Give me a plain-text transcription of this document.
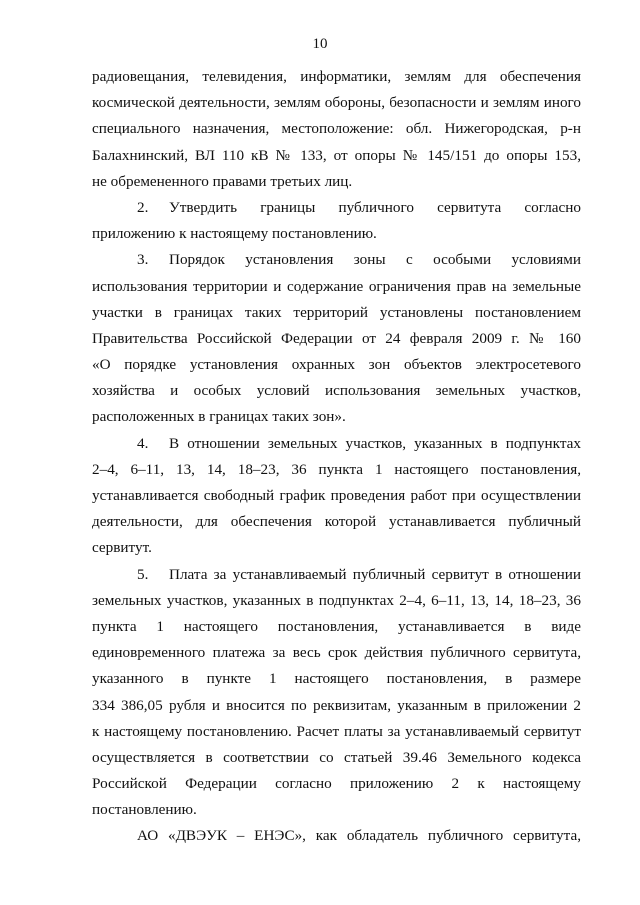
10
радиовещания, телевидения, информатики, землям для обеспечения
космической деятельности, землям обороны, безопасности и землям иного
специального назначения, местоположение: обл. Нижегородская, р-н
Балахнинский, ВЛ 110 кВ № 133, от опоры № 145/151 до опоры 153,
не обремененного правами третьих лиц.
2. Утвердить границы публичного сервитута согласно
приложению к настоящему постановлению.
3. Порядок установления зоны с особыми условиями
использования территории и содержание ограничения прав на земельные
участки в границах таких территорий установлены постановлением
Правительства Российской Федерации от 24 февраля 2009 г. № 160
«О порядке установления охранных зон объектов электросетевого
хозяйства и особых условий использования земельных участков,
расположенных в границах таких зон».
4. В отношении земельных участков, указанных в подпунктах
2–4, 6–11, 13, 14, 18–23, 36 пункта 1 настоящего постановления,
устанавливается свободный график проведения работ при осуществлении
деятельности, для обеспечения которой устанавливается публичный
сервитут.
5. Плата за устанавливаемый публичный сервитут в отношении
земельных участков, указанных в подпунктах 2–4, 6–11, 13, 14, 18–23, 36
пункта 1 настоящего постановления, устанавливается в виде
единовременного платежа за весь срок действия публичного сервитута,
указанного в пункте 1 настоящего постановления, в размере
334 386,05 рубля и вносится по реквизитам, указанным в приложении 2
к настоящему постановлению. Расчет платы за устанавливаемый сервитут
осуществляется в соответствии со статьей 39.46 Земельного кодекса
Российской Федерации согласно приложению 2 к настоящему
постановлению.
АО «ДВЭУК – ЕНЭС», как обладатель публичного сервитута,
